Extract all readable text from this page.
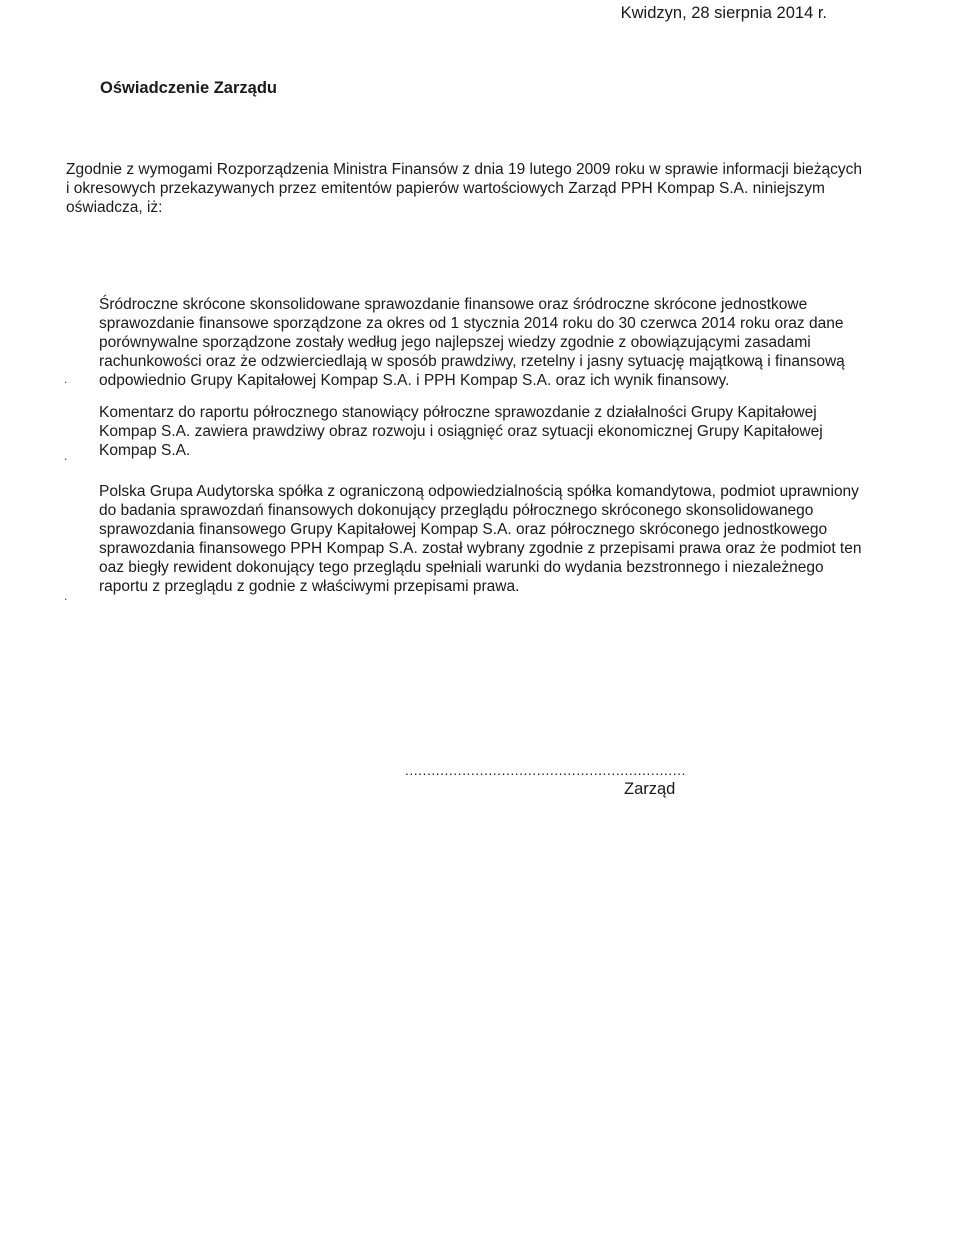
Kwidzyn, 28 sierpnia 2014 r.
Oświadczenie Zarządu
Zgodnie z wymogami Rozporządzenia Ministra Finansów z dnia 19 lutego 2009 roku w sprawie informacji bieżących
i okresowych przekazywanych przez emitentów papierów wartościowych Zarząd PPH Kompap S.A. niniejszym
oświadcza, iż:
Śródroczne skrócone skonsolidowane sprawozdanie finansowe oraz śródroczne skrócone jednostkowe
sprawozdanie finansowe sporządzone za okres od 1 stycznia 2014 roku do 30 czerwca 2014 roku oraz dane
porównywalne sporządzone zostały według jego najlepszej wiedzy zgodnie z obowiązującymi zasadami
rachunkowości oraz że odzwierciedlają w sposób prawdziwy, rzetelny i jasny sytuację majątkową i finansową
odpowiednio Grupy Kapitałowej Kompap S.A. i PPH Kompap S.A. oraz ich wynik finansowy.
.
Komentarz do raportu półrocznego stanowiący półroczne sprawozdanie z działalności Grupy Kapitałowej
Kompap S.A. zawiera prawdziwy obraz rozwoju i osiągnięć oraz sytuacji ekonomicznej Grupy Kapitałowej
Kompap S.A.
.
Polska Grupa Audytorska spółka z ograniczoną odpowiedzialnością spółka komandytowa, podmiot uprawniony
do badania sprawozdań finansowych dokonujący przeglądu półrocznego skróconego skonsolidowanego
sprawozdania finansowego Grupy Kapitałowej Kompap S.A. oraz półrocznego skróconego jednostkowego
sprawozdania finansowego PPH Kompap S.A. został wybrany zgodnie z przepisami prawa oraz że podmiot ten
oaz biegły rewident dokonujący tego przeglądu spełniali warunki do wydania bezstronnego i niezależnego
raportu z przeglądu z godnie z właściwymi przepisami prawa.
.
................................................................
Zarząd
